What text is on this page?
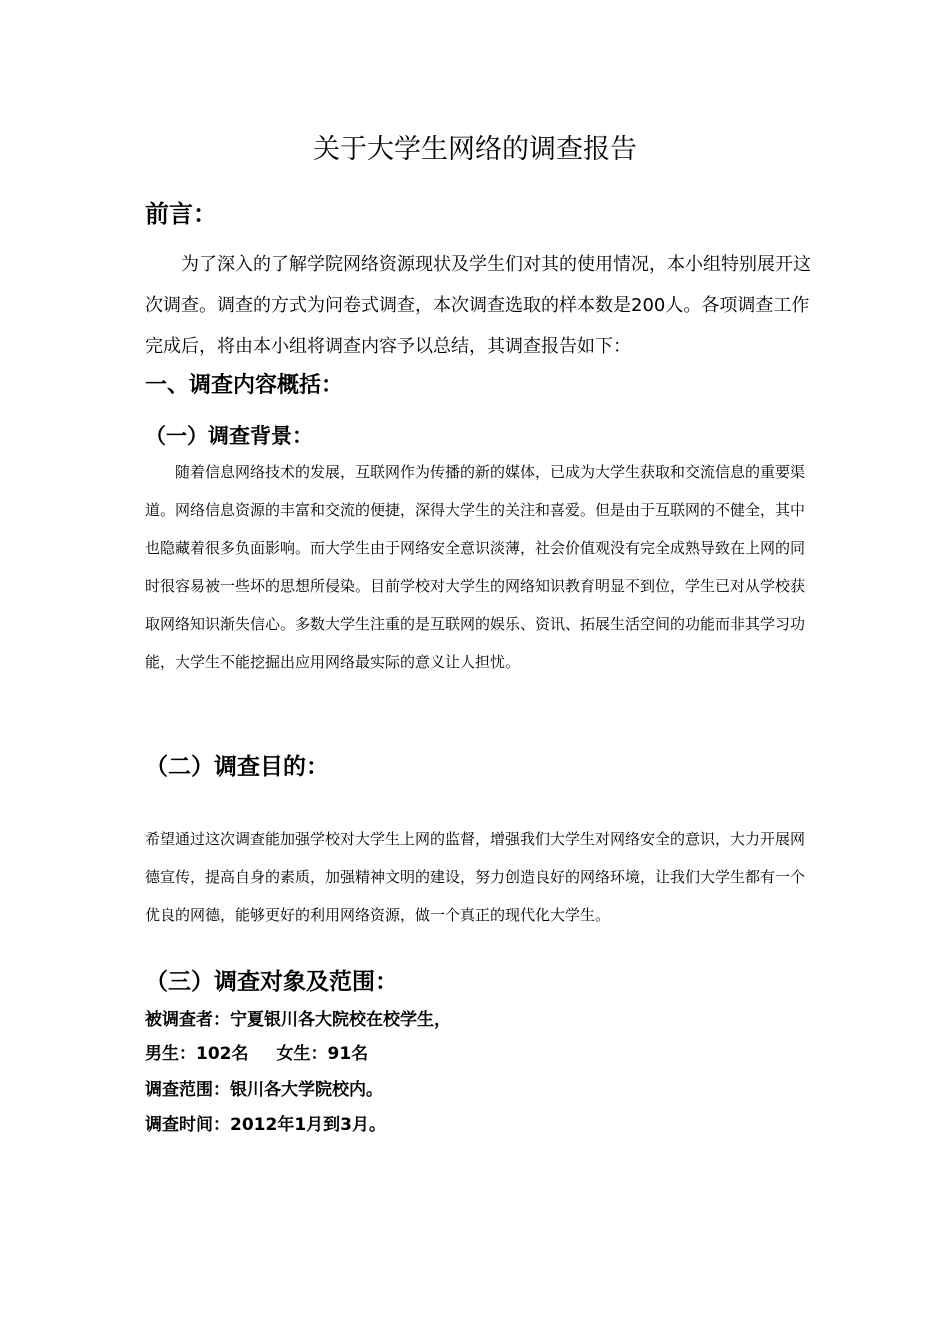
关于大学生网络的调查报告
前言：
为了深入的了解学院网络资源现状及学生们对其的使用情况，本小组特别展开这次调查。调查的方式为问卷式调查，本次调查选取的样本数是200人。各项调查工作完成后，将由本小组将调查内容予以总结，其调查报告如下：
一、调查内容概括：
（一）调查背景：
随着信息网络技术的发展，互联网作为传播的新的媒体，已成为大学生获取和交流信息的重要渠道。网络信息资源的丰富和交流的便捷，深得大学生的关注和喜爱。但是由于互联网的不健全，其中也隐藏着很多负面影响。而大学生由于网络安全意识淡薄，社会价值观没有完全成熟导致在上网的同时很容易被一些坏的思想所侵染。目前学校对大学生的网络知识教育明显不到位，学生已对从学校获取网络知识渐失信心。多数大学生注重的是互联网的娱乐、资讯、拓展生活空间的功能而非其学习功能，大学生不能挖掘出应用网络最实际的意义让人担忧。
（二）调查目的：
希望通过这次调查能加强学校对大学生上网的监督，增强我们大学生对网络安全的意识，大力开展网德宣传，提高自身的素质，加强精神文明的建设，努力创造良好的网络环境，让我们大学生都有一个优良的网德，能够更好的利用网络资源，做一个真正的现代化大学生。
（三）调查对象及范围：
被调查者：宁夏银川各大院校在校学生，
男生：102名 女生：91名
调查范围：银川各大学院校内。
调查时间：2012年1月到3月。
